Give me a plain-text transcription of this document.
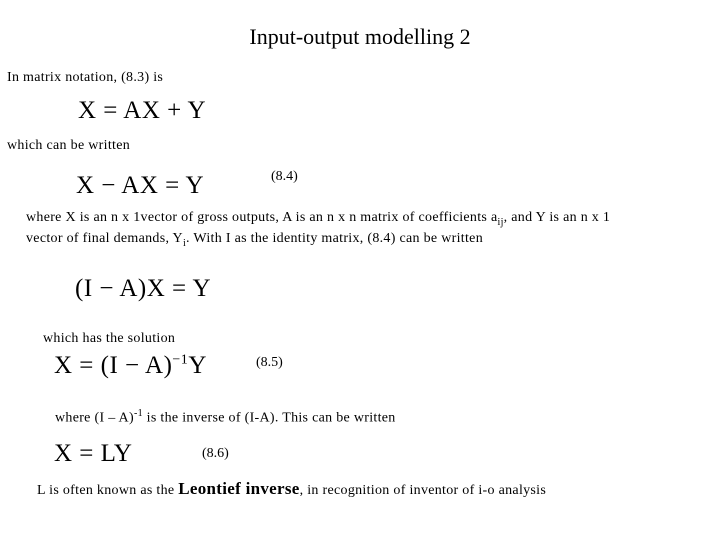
Input-output modelling 2
In matrix notation, (8.3) is
X = AX + Y
which can be written
(8.4)
X − AX = Y
where X is an n x 1vector of gross outputs, A is an n x n matrix of coefficients $a_{ij}$, and Y is an n x 1
vector of final demands, $Y_i$. With I as the identity matrix, (8.4) can be written
(I − A)X = Y
which has the solution
$X = (I - A)^{-1}Y$	(8.5)
where (I – A)$^{-1}$ is the inverse of (I-A). This can be written
X = LY	(8.6)
L is often known as the Leontief inverse, in recognition of inventor of i-o analysis
